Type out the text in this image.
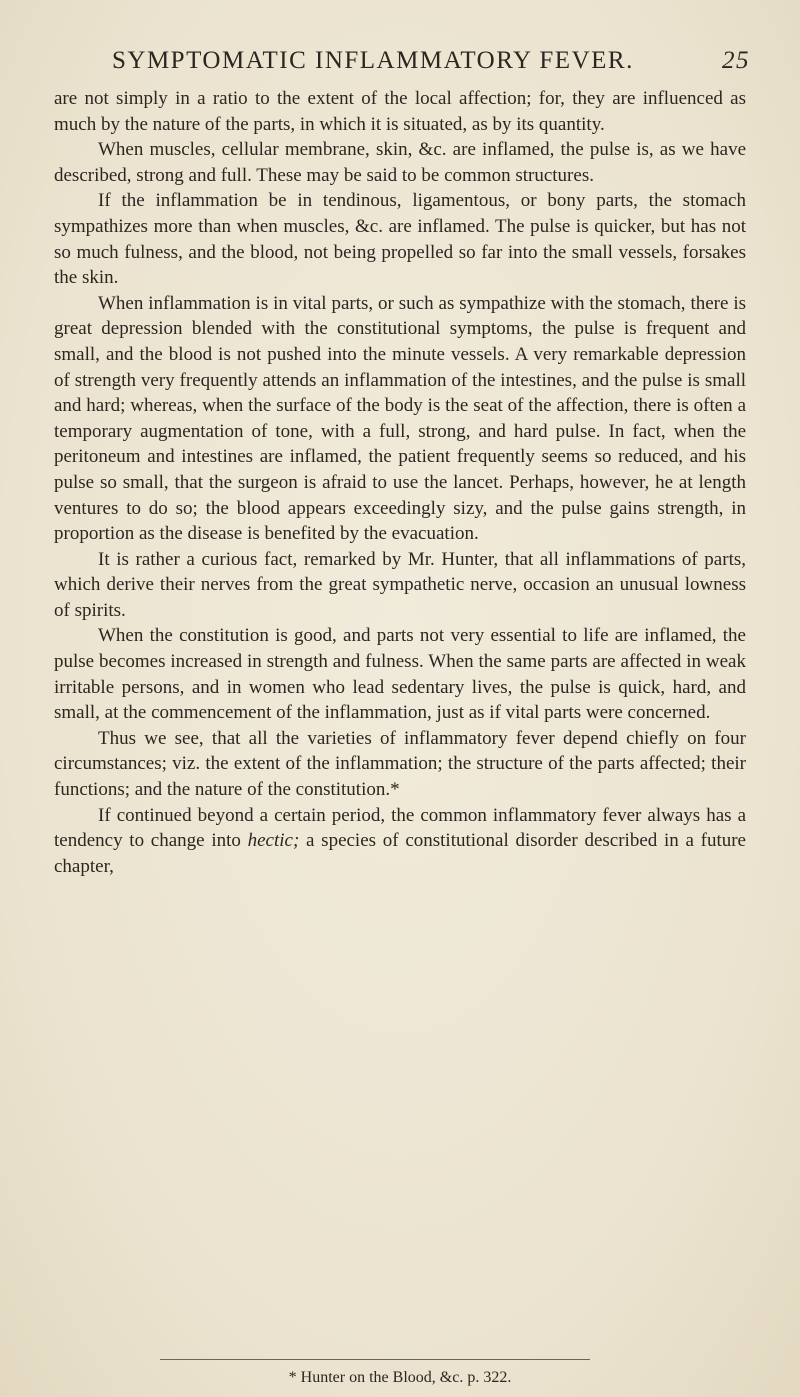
SYMPTOMATIC INFLAMMATORY FEVER.	25

are not simply in a ratio to the extent of the local affection; for, they are influenced as much by the nature of the parts, in which it is situated, as by its quantity.

When muscles, cellular membrane, skin, &c. are inflamed, the pulse is, as we have described, strong and full. These may be said to be common structures.

If the inflammation be in tendinous, ligamentous, or bony parts, the stomach sympathizes more than when muscles, &c. are inflamed. The pulse is quicker, but has not so much fulness, and the blood, not being propelled so far into the small vessels, forsakes the skin.

When inflammation is in vital parts, or such as sympathize with the stomach, there is great depression blended with the constitutional symptoms, the pulse is frequent and small, and the blood is not pushed into the minute vessels. A very remarkable depression of strength very frequently attends an inflammation of the intestines, and the pulse is small and hard; whereas, when the surface of the body is the seat of the affection, there is often a temporary augmentation of tone, with a full, strong, and hard pulse. In fact, when the peritoneum and intestines are inflamed, the patient frequently seems so reduced, and his pulse so small, that the surgeon is afraid to use the lancet. Perhaps, however, he at length ventures to do so; the blood appears exceedingly sizy, and the pulse gains strength, in proportion as the disease is benefited by the evacuation.

It is rather a curious fact, remarked by Mr. Hunter, that all inflammations of parts, which derive their nerves from the great sympathetic nerve, occasion an unusual lowness of spirits.

When the constitution is good, and parts not very essential to life are inflamed, the pulse becomes increased in strength and fulness. When the same parts are affected in weak irritable persons, and in women who lead sedentary lives, the pulse is quick, hard, and small, at the commencement of the inflammation, just as if vital parts were concerned.

Thus we see, that all the varieties of inflammatory fever depend chiefly on four circumstances; viz. the extent of the inflammation; the structure of the parts affected; their functions; and the nature of the constitution.*

If continued beyond a certain period, the common inflammatory fever always has a tendency to change into hectic; a species of constitutional disorder described in a future chapter,

* Hunter on the Blood, &c. p. 322.
